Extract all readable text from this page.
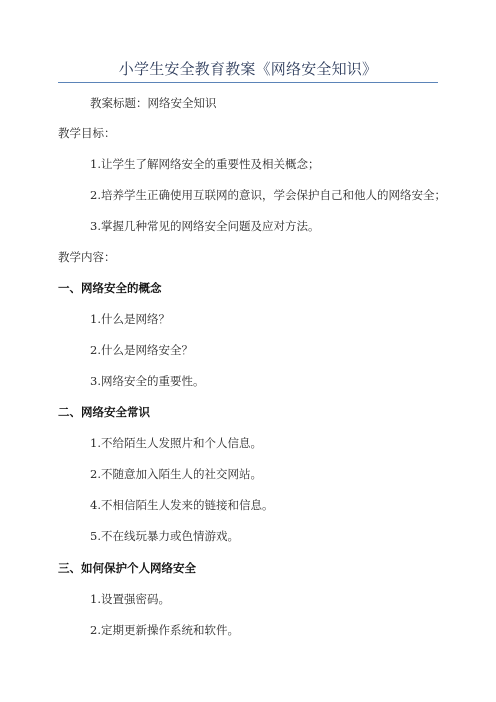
小学生安全教育教案《网络安全知识》
教案标题：网络安全知识
教学目标：
1.让学生了解网络安全的重要性及相关概念；
2.培养学生正确使用互联网的意识，学会保护自己和他人的网络安全；
3.掌握几种常见的网络安全问题及应对方法。
教学内容：
一、网络安全的概念
1.什么是网络？
2.什么是网络安全？
3.网络安全的重要性。
二、网络安全常识
1.不给陌生人发照片和个人信息。
2.不随意加入陌生人的社交网站。
4.不相信陌生人发来的链接和信息。
5.不在线玩暴力或色情游戏。
三、如何保护个人网络安全
1.设置强密码。
2.定期更新操作系统和软件。
